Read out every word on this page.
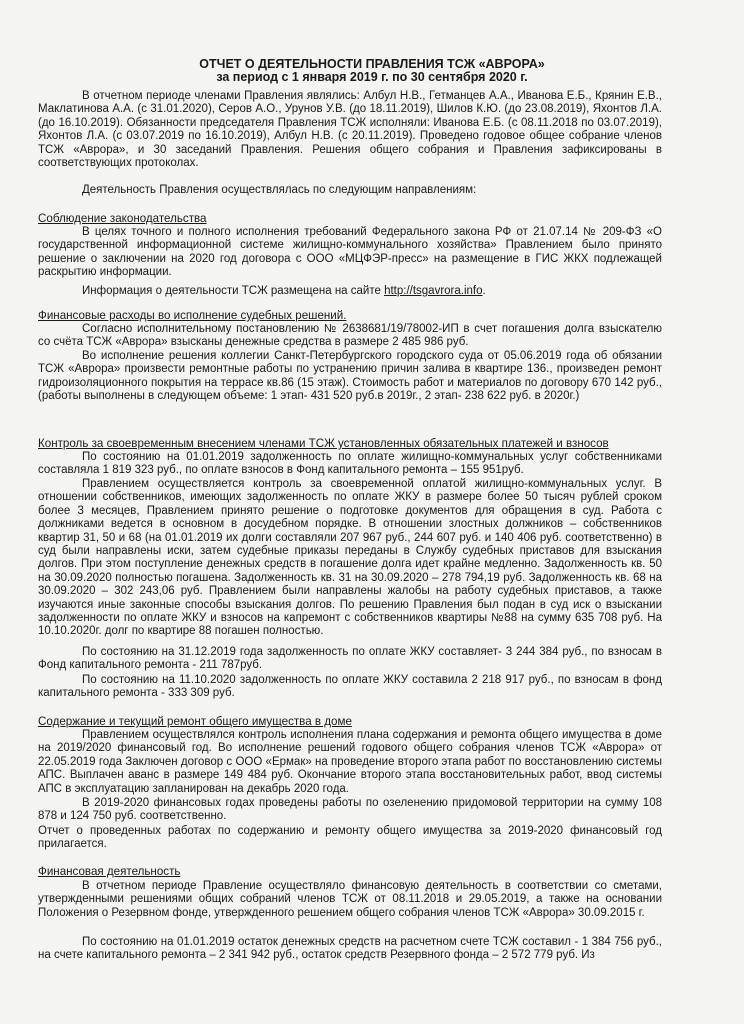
ОТЧЕТ О ДЕЯТЕЛЬНОСТИ ПРАВЛЕНИЯ ТСЖ «АВРОРА»
за период с 1 января 2019 г. по 30 сентября 2020 г.

В отчетном периоде членами Правления являлись: Албул Н.В., Гетманцев А.А., Иванова Е.Б., Крянин Е.В., Маклатинова А.А. (с 31.01.2020), Серов А.О., Урунов У.В. (до 18.11.2019), Шилов К.Ю. (до 23.08.2019), Яхонтов Л.А. (до 16.10.2019). Обязанности председателя Правления ТСЖ исполняли: Иванова Е.Б. (с 08.11.2018 по 03.07.2019), Яхонтов Л.А. (с 03.07.2019 по 16.10.2019), Албул Н.В. (с 20.11.2019). Проведено годовое общее собрание членов ТСЖ «Аврора», и 30 заседаний Правления. Решения общего собрания и Правления зафиксированы в соответствующих протоколах.

Деятельность Правления осуществлялась по следующим направлениям:

Соблюдение законодательства

В целях точного и полного исполнения требований Федерального закона РФ от 21.07.14 № 209-ФЗ «О государственной информационной системе жилищно-коммунального хозяйства» Правлением было принято решение о заключении на 2020 год договора с ООО «МЦФЭР-пресс» на размещение в ГИС ЖКХ подлежащей раскрытию информации.

Информация о деятельности ТСЖ размещена на сайте http://tsgavrora.info.

Финансовые расходы во исполнение судебных решений.

Согласно исполнительному постановлению № 2638681/19/78002-ИП в счет погашения долга взыскателю со счёта ТСЖ «Аврора» взысканы денежные средства в размере 2 485 986 руб.

Во исполнение решения коллегии Санкт-Петербургского городского суда от 05.06.2019 года об обязании ТСЖ «Аврора» произвести ремонтные работы по устранению причин залива в квартире 136., произведен ремонт гидроизоляционного покрытия на террасе кв.86 (15 этаж). Стоимость работ и материалов по договору 670 142 руб., (работы выполнены в следующем объеме: 1 этап- 431 520 руб.в 2019г., 2 этап- 238 622 руб. в 2020г.)

Контроль за своевременным внесением членами ТСЖ установленных обязательных платежей и взносов

По состоянию на 01.01.2019 задолженность по оплате жилищно-коммунальных услуг собственниками составляла 1 819 323 руб., по оплате взносов в Фонд капитального ремонта – 155 951руб.

Правлением осуществляется контроль за своевременной оплатой жилищно-коммунальных услуг. В отношении собственников, имеющих задолженность по оплате ЖКУ в размере более 50 тысяч рублей сроком более 3 месяцев, Правлением принято решение о подготовке документов для обращения в суд. Работа с должниками ведется в основном в досудебном порядке. В отношении злостных должников – собственников квартир 31, 50 и 68 (на 01.01.2019 их долги составляли 207 967 руб., 244 607 руб. и 140 406 руб. соответственно) в суд были направлены иски, затем судебные приказы переданы в Службу судебных приставов для взыскания долгов. При этом поступление денежных средств в погашение долга идет крайне медленно. Задолженность кв. 50 на 30.09.2020 полностью погашена. Задолженность кв. 31 на 30.09.2020 – 278 794,19 руб. Задолженность кв. 68 на 30.09.2020 – 302 243,06 руб. Правлением были направлены жалобы на работу судебных приставов, а также изучаются иные законные способы взыскания долгов. По решению Правления был подан в суд иск о взыскании задолженности по оплате ЖКУ и взносов на капремонт с собственников квартиры №88 на сумму 635 708 руб. На 10.10.2020г. долг по квартире 88 погашен полностью.

По состоянию на 31.12.2019 года задолженность по оплате ЖКУ составляет- 3 244 384 руб., по взносам в Фонд капитального ремонта - 211 787руб.

По состоянию на 11.10.2020 задолженность по оплате ЖКУ составила 2 218 917 руб., по взносам в фонд капитального ремонта - 333 309 руб.

Содержание и текущий ремонт общего имущества в доме

Правлением осуществлялся контроль исполнения плана содержания и ремонта общего имущества в доме на 2019/2020 финансовый год. Во исполнение решений годового общего собрания членов ТСЖ «Аврора» от 22.05.2019 года Заключен договор с ООО «Ермак» на проведение второго этапа работ по восстановлению системы АПС. Выплачен аванс в размере 149 484 руб. Окончание второго этапа восстановительных работ, ввод системы АПС в эксплуатацию запланирован на декабрь 2020 года.

В 2019-2020 финансовых годах проведены работы по озеленению придомовой территории на сумму 108 878 и 124 750 руб. соответственно.

Отчет о проведенных работах по содержанию и ремонту общего имущества за 2019-2020 финансовый год прилагается.

Финансовая деятельность

В отчетном периоде Правление осуществляло финансовую деятельность в соответствии со сметами, утвержденными решениями общих собраний членов ТСЖ от 08.11.2018 и 29.05.2019, а также на основании Положения о Резервном фонде, утвержденного решением общего собрания членов ТСЖ «Аврора» 30.09.2015 г.

По состоянию на 01.01.2019 остаток денежных средств на расчетном счете ТСЖ составил - 1 384 756 руб., на счете капитального ремонта – 2 341 942 руб., остаток средств Резервного фонда – 2 572 779 руб. Из
